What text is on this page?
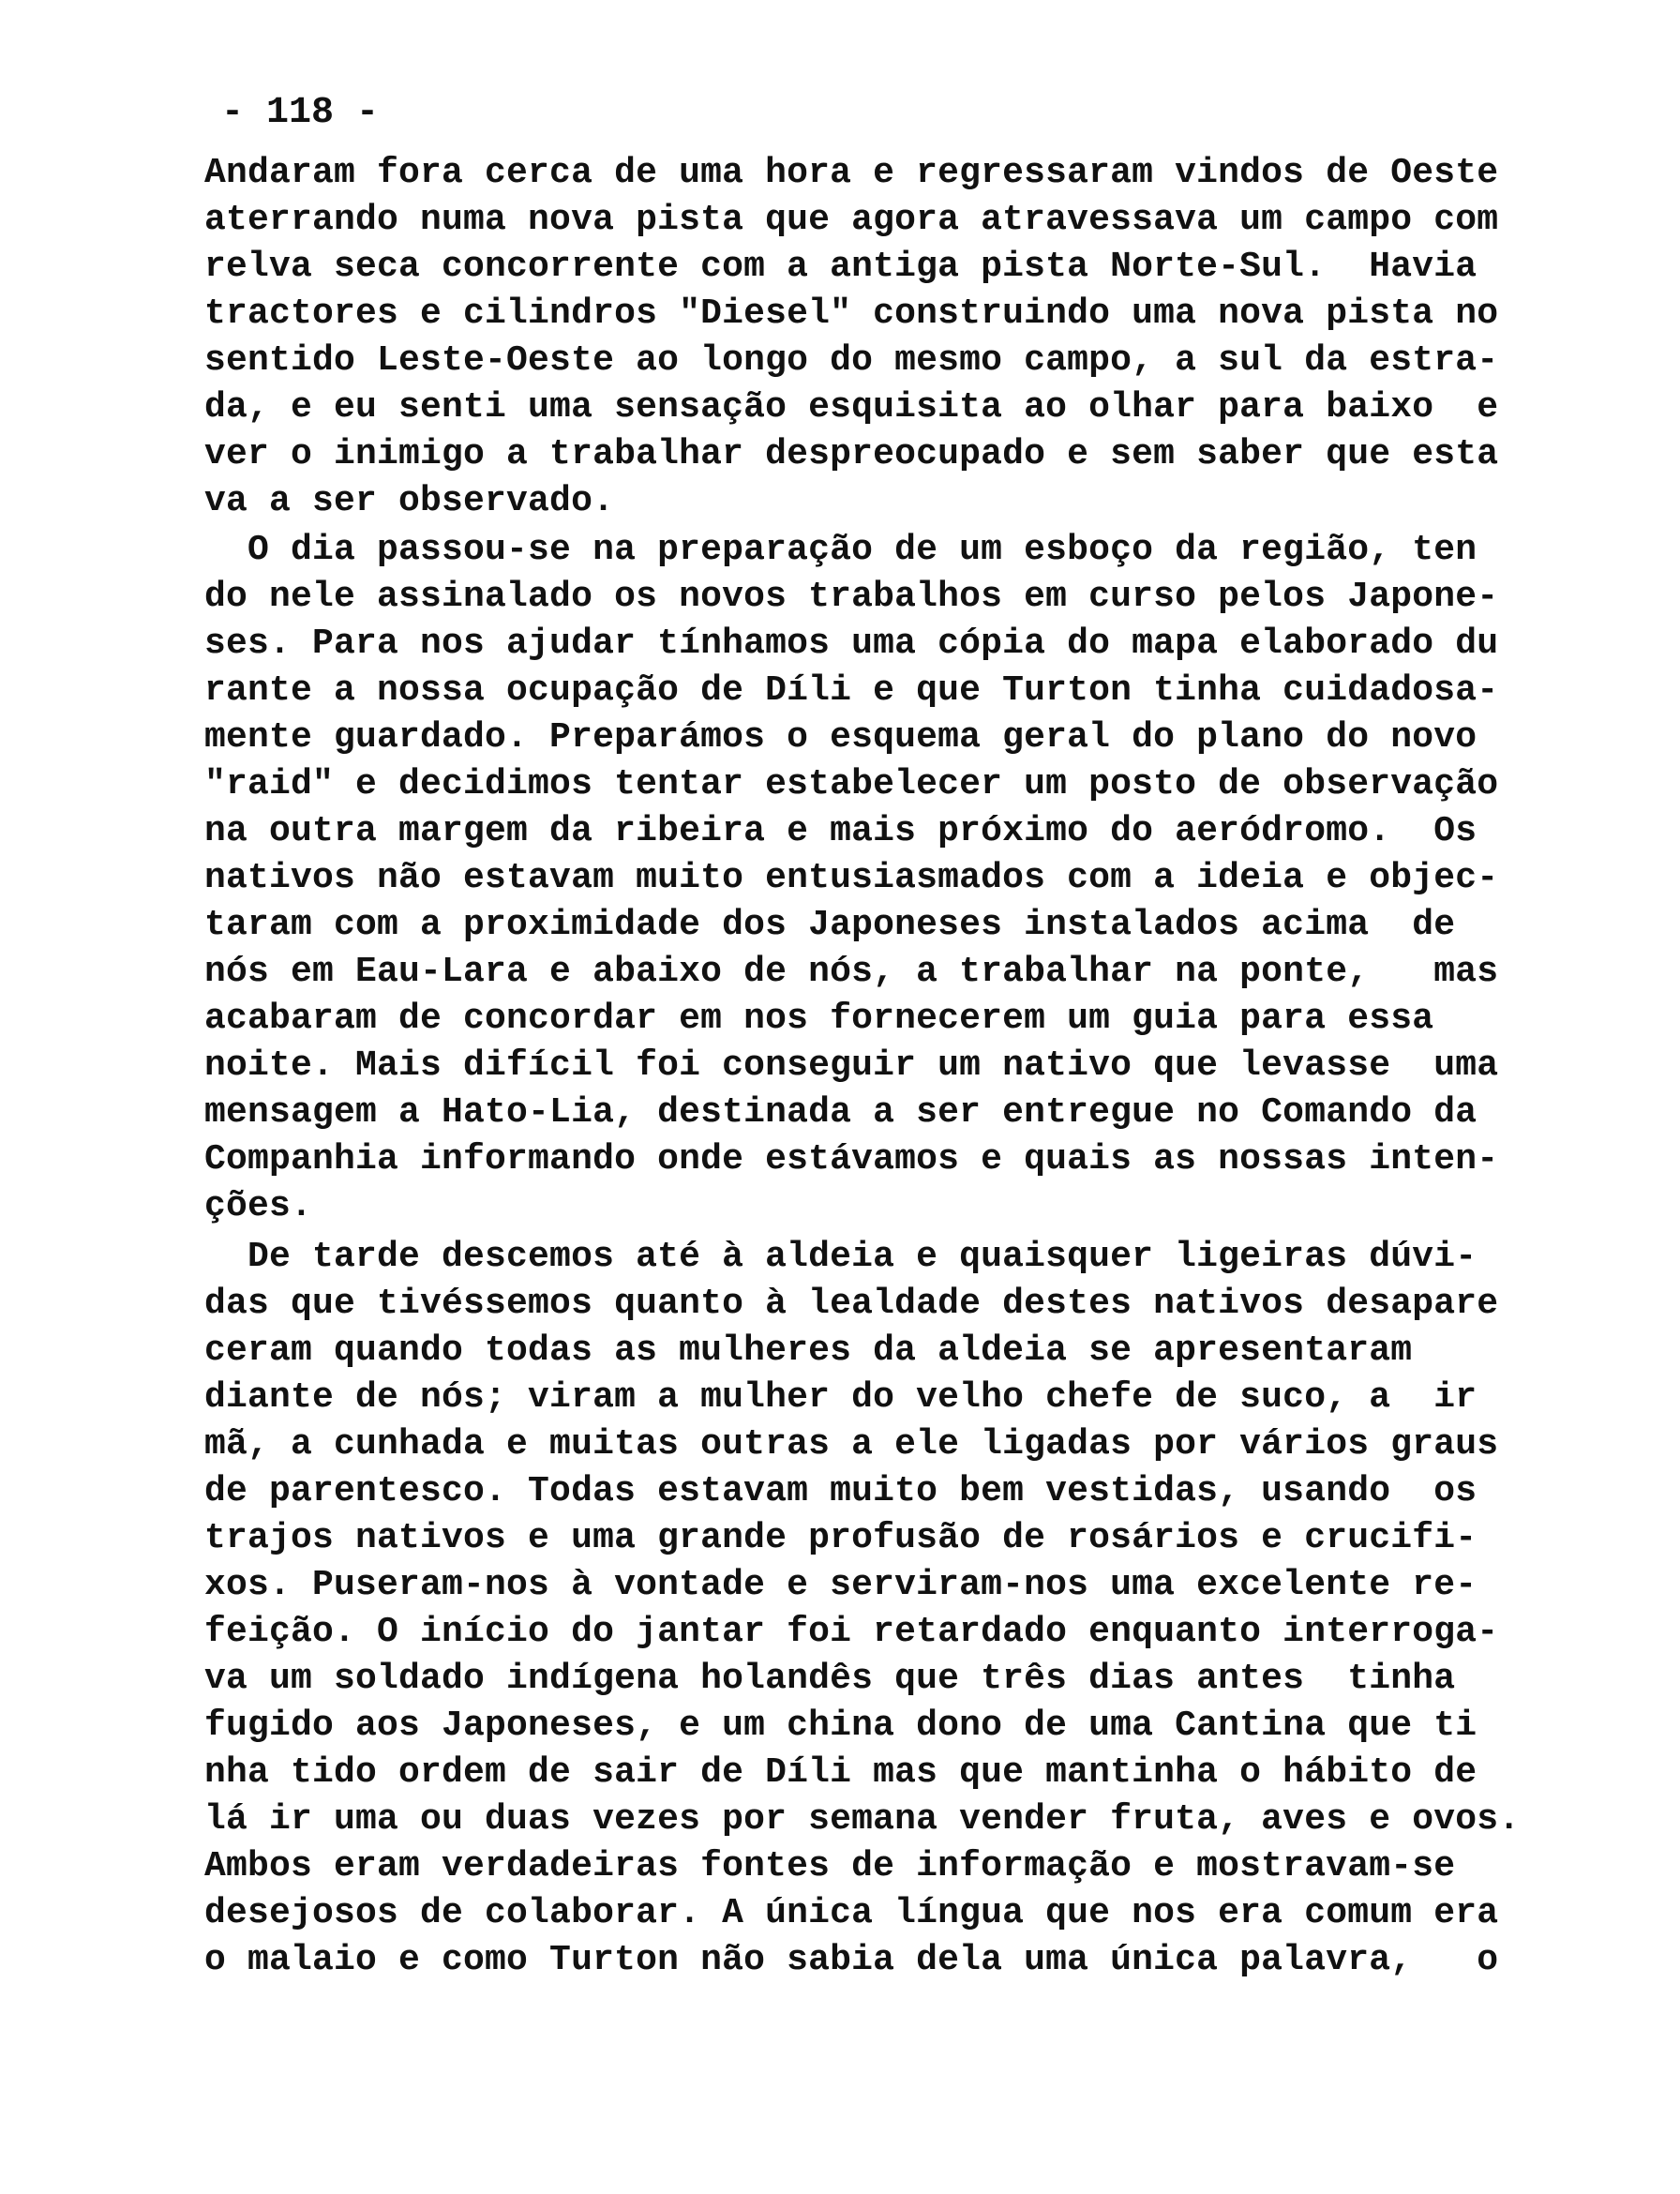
- 118 -
Andaram fora cerca de uma hora e regressaram vindos de Oeste
aterrando numa nova pista que agora atravessava um campo com
relva seca concorrente com a antiga pista Norte-Sul.  Havia
tractores e cilindros "Diesel" construindo uma nova pista no
sentido Leste-Oeste ao longo do mesmo campo, a sul da estra-
da, e eu senti uma sensação esquisita ao olhar para baixo  e
ver o inimigo a trabalhar despreocupado e sem saber que esta
va a ser observado.
O dia passou-se na preparação de um esboço da região, ten
do nele assinalado os novos trabalhos em curso pelos Japone-
ses. Para nos ajudar tínhamos uma cópia do mapa elaborado du
rante a nossa ocupação de Díli e que Turton tinha cuidadosa-
mente guardado. Preparámos o esquema geral do plano do novo
"raid" e decidimos tentar estabelecer um posto de observação
na outra margem da ribeira e mais próximo do aeródromo.  Os
nativos não estavam muito entusiasmados com a ideia e objec-
taram com a proximidade dos Japoneses instalados acima  de
nós em Eau-Lara e abaixo de nós, a trabalhar na ponte,   mas
acabaram de concordar em nos fornecerem um guia para essa
noite. Mais difícil foi conseguir um nativo que levasse  uma
mensagem a Hato-Lia, destinada a ser entregue no Comando da
Companhia informando onde estávamos e quais as nossas inten-
ções.
De tarde descemos até à aldeia e quaisquer ligeiras dúvi-
das que tivéssemos quanto à lealdade destes nativos desapare
ceram quando todas as mulheres da aldeia se apresentaram
diante de nós; viram a mulher do velho chefe de suco, a  ir
mã, a cunhada e muitas outras a ele ligadas por vários graus
de parentesco. Todas estavam muito bem vestidas, usando  os
trajos nativos e uma grande profusão de rosários e crucifi-
xos. Puseram-nos à vontade e serviram-nos uma excelente re-
feição. O início do jantar foi retardado enquanto interroga-
va um soldado indígena holandês que três dias antes  tinha
fugido aos Japoneses, e um china dono de uma Cantina que ti
nha tido ordem de sair de Díli mas que mantinha o hábito de
lá ir uma ou duas vezes por semana vender fruta, aves e ovos.
Ambos eram verdadeiras fontes de informação e mostravam-se
desejosos de colaborar. A única língua que nos era comum era
o malaio e como Turton não sabia dela uma única palavra,   o
